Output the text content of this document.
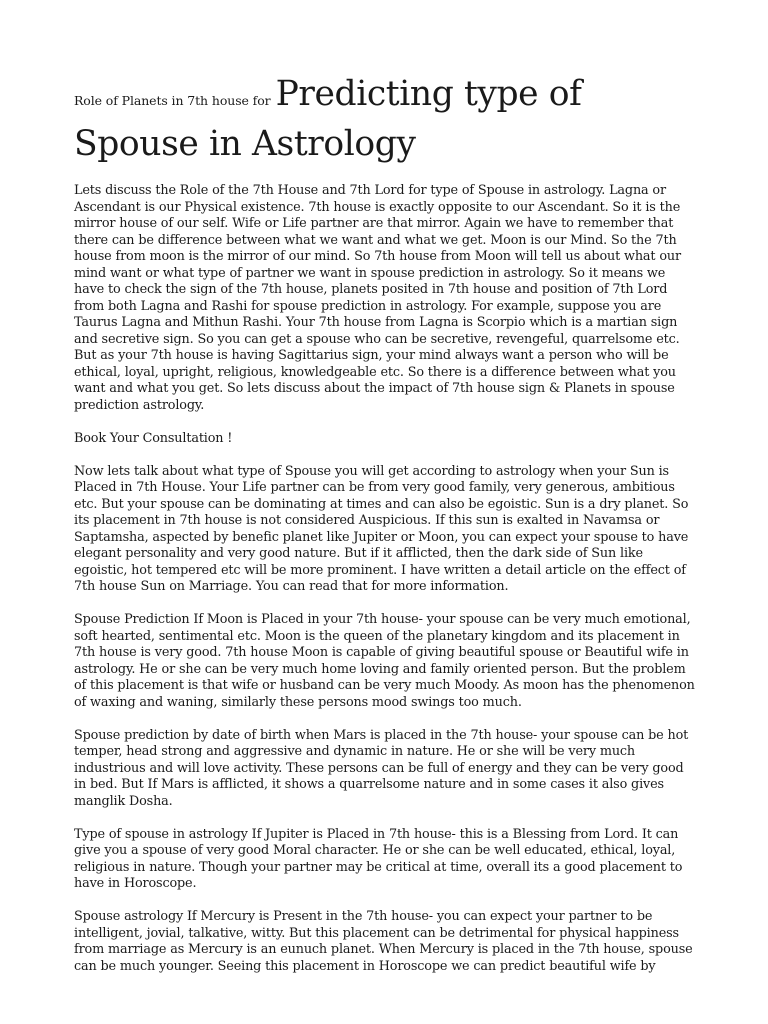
Role of Planets in 7th house for Predicting type of
Spouse in Astrology

Lets discuss the Role of the 7th House and 7th Lord for type of Spouse in astrology. Lagna or Ascendant is our Physical existence. 7th house is exactly opposite to our Ascendant. So it is the mirror house of our self. Wife or Life partner are that mirror. Again we have to remember that there can be difference between what we want and what we get. Moon is our Mind. So the 7th house from moon is the mirror of our mind. So 7th house from Moon will tell us about what our mind want or what type of partner we want in spouse prediction in astrology. So it means we have to check the sign of the 7th house, planets posited in 7th house and position of 7th Lord from both Lagna and Rashi for spouse prediction in astrology. For example, suppose you are Taurus Lagna and Mithun Rashi. Your 7th house from Lagna is Scorpio which is a martian sign and secretive sign. So you can get a spouse who can be secretive, revengeful, quarrelsome etc. But as your 7th house is having Sagittarius sign, your mind always want a person who will be ethical, loyal, upright, religious, knowledgeable etc. So there is a difference between what you want and what you get. So lets discuss about the impact of 7th house sign & Planets in spouse prediction astrology.

Book Your Consultation !

Now lets talk about what type of Spouse you will get according to astrology when your Sun is Placed in 7th House. Your Life partner can be from very good family, very generous, ambitious etc. But your spouse can be dominating at times and can also be egoistic. Sun is a dry planet. So its placement in 7th house is not considered Auspicious. If this sun is exalted in Navamsa or Saptamsha, aspected by benefic planet like Jupiter or Moon, you can expect your spouse to have elegant personality and very good nature. But if it afflicted, then the dark side of Sun like egoistic, hot tempered etc will be more prominent. I have written a detail article on the effect of 7th house Sun on Marriage. You can read that for more information.

Spouse Prediction If Moon is Placed in your 7th house- your spouse can be very much emotional, soft hearted, sentimental etc. Moon is the queen of the planetary kingdom and its placement in 7th house is very good. 7th house Moon is capable of giving beautiful spouse or Beautiful wife in astrology. He or she can be very much home loving and family oriented person. But the problem of this placement is that wife or husband can be very much Moody. As moon has the phenomenon of waxing and waning, similarly these persons mood swings too much.

Spouse prediction by date of birth when Mars is placed in the 7th house- your spouse can be hot temper, head strong and aggressive and dynamic in nature. He or she will be very much industrious and will love activity. These persons can be full of energy and they can be very good in bed. But If Mars is afflicted, it shows a quarrelsome nature and in some cases it also gives manglik Dosha.

Type of spouse in astrology If Jupiter is Placed in 7th house- this is a Blessing from Lord. It can give you a spouse of very good Moral character. He or she can be well educated, ethical, loyal, religious in nature. Though your partner may be critical at time, overall its a good placement to have in Horoscope.

Spouse astrology If Mercury is Present in the 7th house- you can expect your partner to be intelligent, jovial, talkative, witty. But this placement can be detrimental for physical happiness from marriage as Mercury is an eunuch planet. When Mercury is placed in the 7th house, spouse can be much younger. Seeing this placement in Horoscope we can predict beautiful wife by
